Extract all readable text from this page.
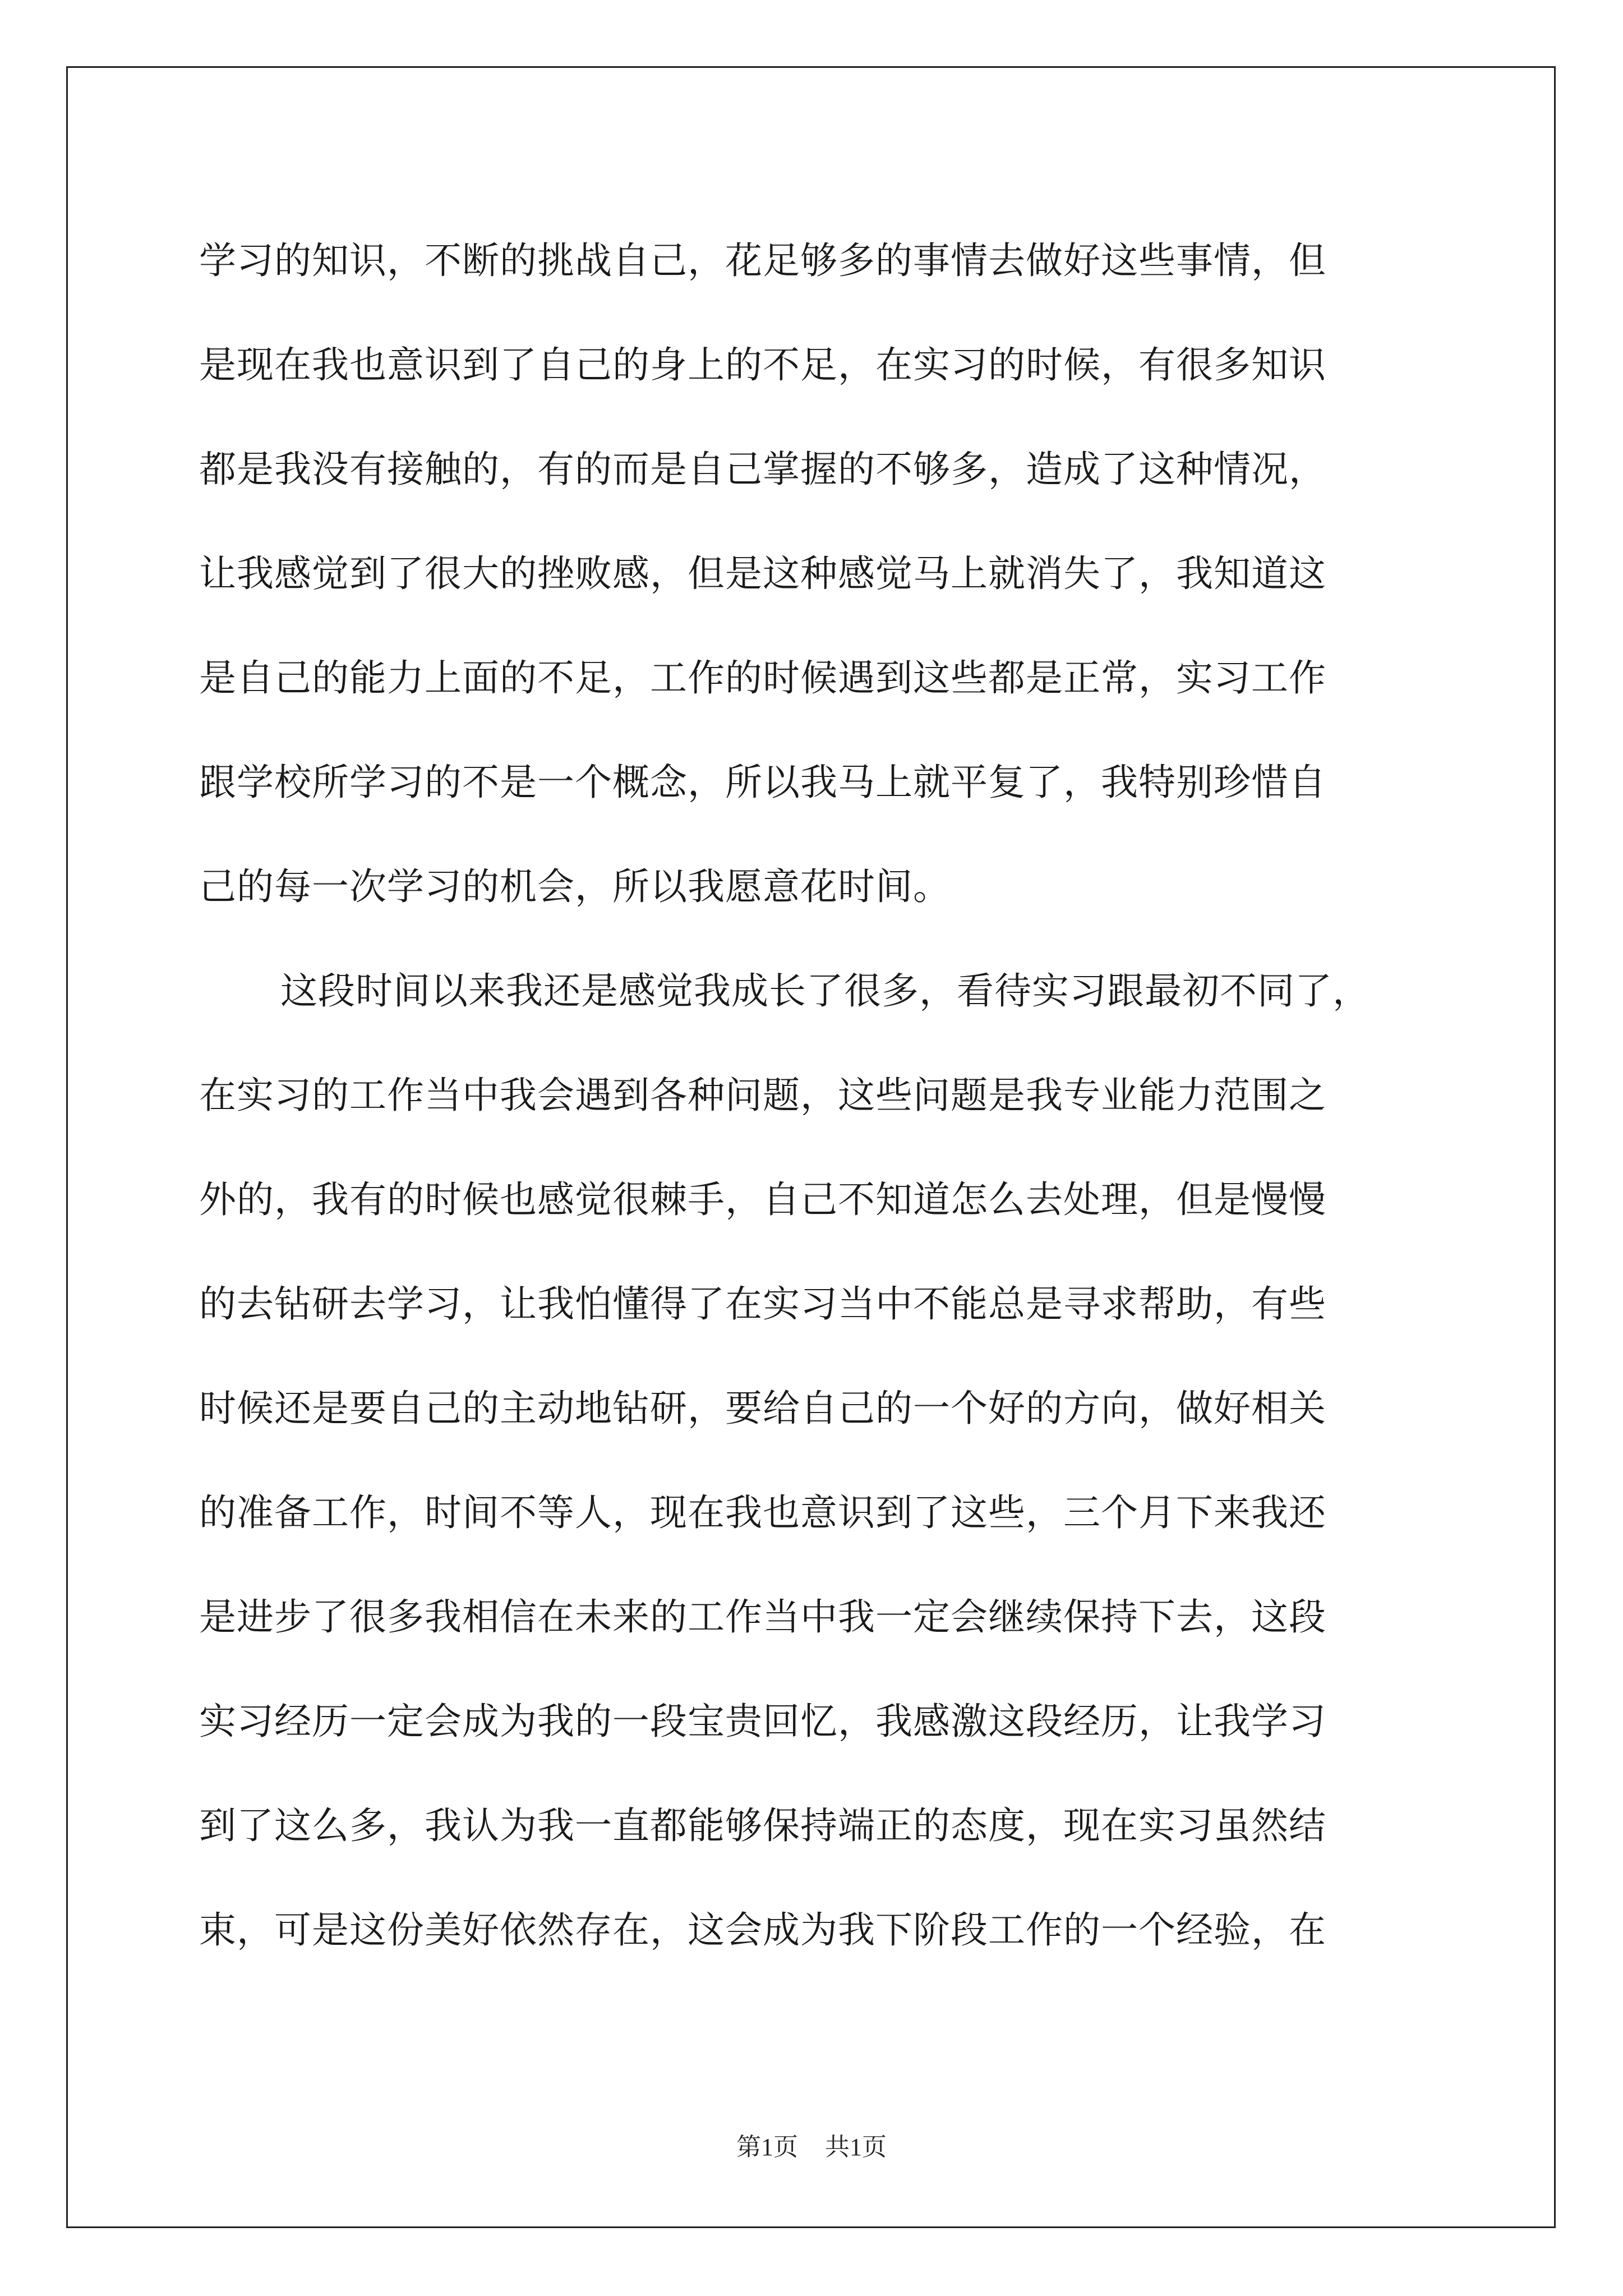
学习的知识，不断的挑战自己，花足够多的事情去做好这些事情，但
是现在我也意识到了自己的身上的不足，在实习的时候，有很多知识
都是我没有接触的，有的而是自己掌握的不够多，造成了这种情况，
让我感觉到了很大的挫败感，但是这种感觉马上就消失了，我知道这
是自己的能力上面的不足，工作的时候遇到这些都是正常，实习工作
跟学校所学习的不是一个概念，所以我马上就平复了，我特别珍惜自
己的每一次学习的机会，所以我愿意花时间。
这段时间以来我还是感觉我成长了很多，看待实习跟最初不同了，
在实习的工作当中我会遇到各种问题，这些问题是我专业能力范围之
外的，我有的时候也感觉很棘手，自己不知道怎么去处理，但是慢慢
的去钻研去学习，让我怕懂得了在实习当中不能总是寻求帮助，有些
时候还是要自己的主动地钻研，要给自己的一个好的方向，做好相关
的准备工作，时间不等人，现在我也意识到了这些，三个月下来我还
是进步了很多我相信在未来的工作当中我一定会继续保持下去，这段
实习经历一定会成为我的一段宝贵回忆，我感激这段经历，让我学习
到了这么多，我认为我一直都能够保持端正的态度，现在实习虽然结
束，可是这份美好依然存在，这会成为我下阶段工作的一个经验，在
第1页 共1页
